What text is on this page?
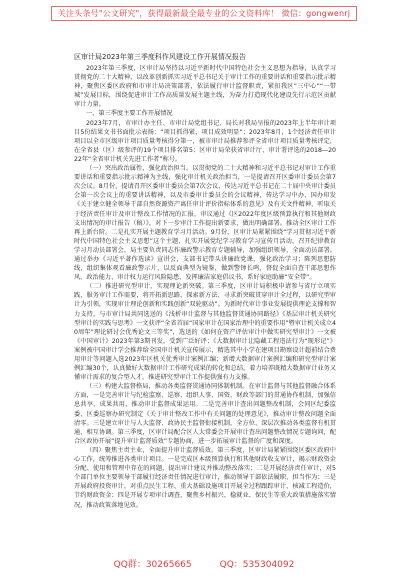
关注头条号"公文研究"，获得最新最全最专业的公文资料库！ 微信：gongwenrj
区审计局2023年第三季度科作风建设工作开展情况报告

2023年第三季度，区审计局坚持以习近平新时代中国特色社会主义思想为指导，认真学习贯彻党的二十大精神，以改革创新抓实习近平总书记关于审计工作的重要讲话和重要指示批示精神，聚焦区委区政府和市审计局决策部署，依法履行审计监督职责，紧扣我区“三中心”“一带城”发展目标，围绕促进审计工作高质量发展主题主线，为奋力打造现代化建设先行示范区贡献审计力量。

一、第三季度主要工作开展情况

2023年7月，市审计办主任、市审计局党组书记、局长对我局呈报的2023年上半年审计项目5份结果文书书面批示表扬：“项目抓得紧、项目成效明显”；2023年8月，1个经济责任审计项目以全市区级审计项目质量考核得分第一，被市审计局推荐参评全省审计项目质量考核评定，在全省县（区）级参评的19个项目排名第5；区审计局荣获省审计厅、审计署评选的2018—2022年“全省审计机关先进工作者”称号。

（一）突出政治属性，强化政治担当。以贯彻党的二十大精神和习近平总书记对审计工作重要讲话和重要指示批示精神为主线，强化审计机关政治担当，一是提请召开区委审计委员会第7次会议。8月份，提请召开区委审计委员会第7次会议，传达习近平总书记在二十届中央审计委员会第一次会议上的重要讲话精神，以及市委审计委员会的会议精神，传达学习中办、国办印发《关于建立健全领导干部自然资源资产离任审计评价指标体系的意见》及有关文件精神，听取关于经济责任审计及审计整改工作情况的汇报，审议通过《区2022年度区级预算执行和其他财政支出情况的审计报告（稿）》，对下一步审计工作提出新要求，做出明确部署。推动全区审计工作再上新台阶。二是扎实开展主题教育学习月活动。9月份，区审计局紧紧围绕“学习贯彻习近平新时代中国特色社会主义思想”这个主题，扎实开展党纪学习教育学习宣传月活动，召开纪律教育学习月动员部署会，局主要负责同志作廉政警示教育专题辅导，加强组织领导，全面动员部署。通过举办《习近平著作选读》宣讲会，支部书记带头讲廉政党课，强化政治学习；陈列思想防线，组织集体观看廉政警示片，以反面典型为镜鉴，做到警钟长鸣，督促全面自查干部思想作风、政治能力、审计权力运行风险隐患，发挥廉洁家庭倡议书，系好家庭助廉“安全带”。

（二）推进研究型审计，实现理论新突破。第三季度，区审计局积极申请参与省厅立项实践，服务审计工作需要，将开拓新思路、探索新方法、寻求新突破贯穿审计全过程，以研究型审计为引领，实现审计理论创新和实践创新“双轮驱动”。为新时代审计事业发展提供理论支撑和智力支持，与市审计局共同选送的《浅析审计监督与其他监督贯通协同路径》《基层审计机关研究型审计的实践与思考》一文获评“全省首届“国家审计在国家治理中的重要作用”暨审计机关成立40周年”理论研讨会优秀论文三等奖”，选送的《如何在资产评估审计中做实研究型审计》一文被《中国审计》2023年第3期刊发。受到广泛好评；《大数据审计让隐藏工程违法行为“现形记”》案例被中国审计学会推荐给全国审计机关宣传展示，精选其中小学在建项目勘察设计超前结合费用审计等问题入选2023年区机关优秀审计案例汇编；新增大数据审计案例汇编和研究型审计案例汇编30个，认真做好大数据审计工作研究成果的转化和总结。着力培养既精大数据审计业务又懂审计需求的复合型人才，推进研究型审计工作提供强有力支撑。

（三）构建大监督格局，推动各类监督贯通协同体制机制。在审计监督与其他监督融合体系方面，一是完善审计与纪检监察、巡察、组织人事、国资、财政等部门的贯通协作机制，加强信息共享、成果共用，推动审计监督成果运用。二是完善审计查出问题整改机制，会同区纪委监委、区委巡察办研究制定《关于审计整改工作中有关问题的处理意见》，推动审计整改问题全面清零。三是建立审计与人大监督、政协民主监督衔接机制，全方位、深层次推动各类监督有机贯通、相互协调。第三季度，区审计局配合区人大常委会开展审计查出问题整改情况专题询问，配合区政协开展“提升审计监督质效”专题协商，进一步拓展审计监督的广度和深度。

（四）聚焦主责主业，全面提升审计监督质效。第三季度，区审计局紧紧围绕区委区政府中心工作，统筹推进各类审计项目。一是完成区本级预算执行和其他财政收支审计，揭示财政资金分配、使用和管理中存在的问题，提出审计建议并推动整改落实；二是开展经济责任审计，对5个部门单位主要领导干部履行经济责任情况进行审计，推动领导干部依法履职、担当作为；三是开展政府投资审计，对重点民生工程、重大基础设施项目开展全过程跟踪审计，核减工程造价，节约财政资金；四是开展专项审计调查，聚焦乡村振兴、稳就业、保民生等重大政策措施落实情况，推动政策落地见效。

QQ群：30265665	QQ：535304092
